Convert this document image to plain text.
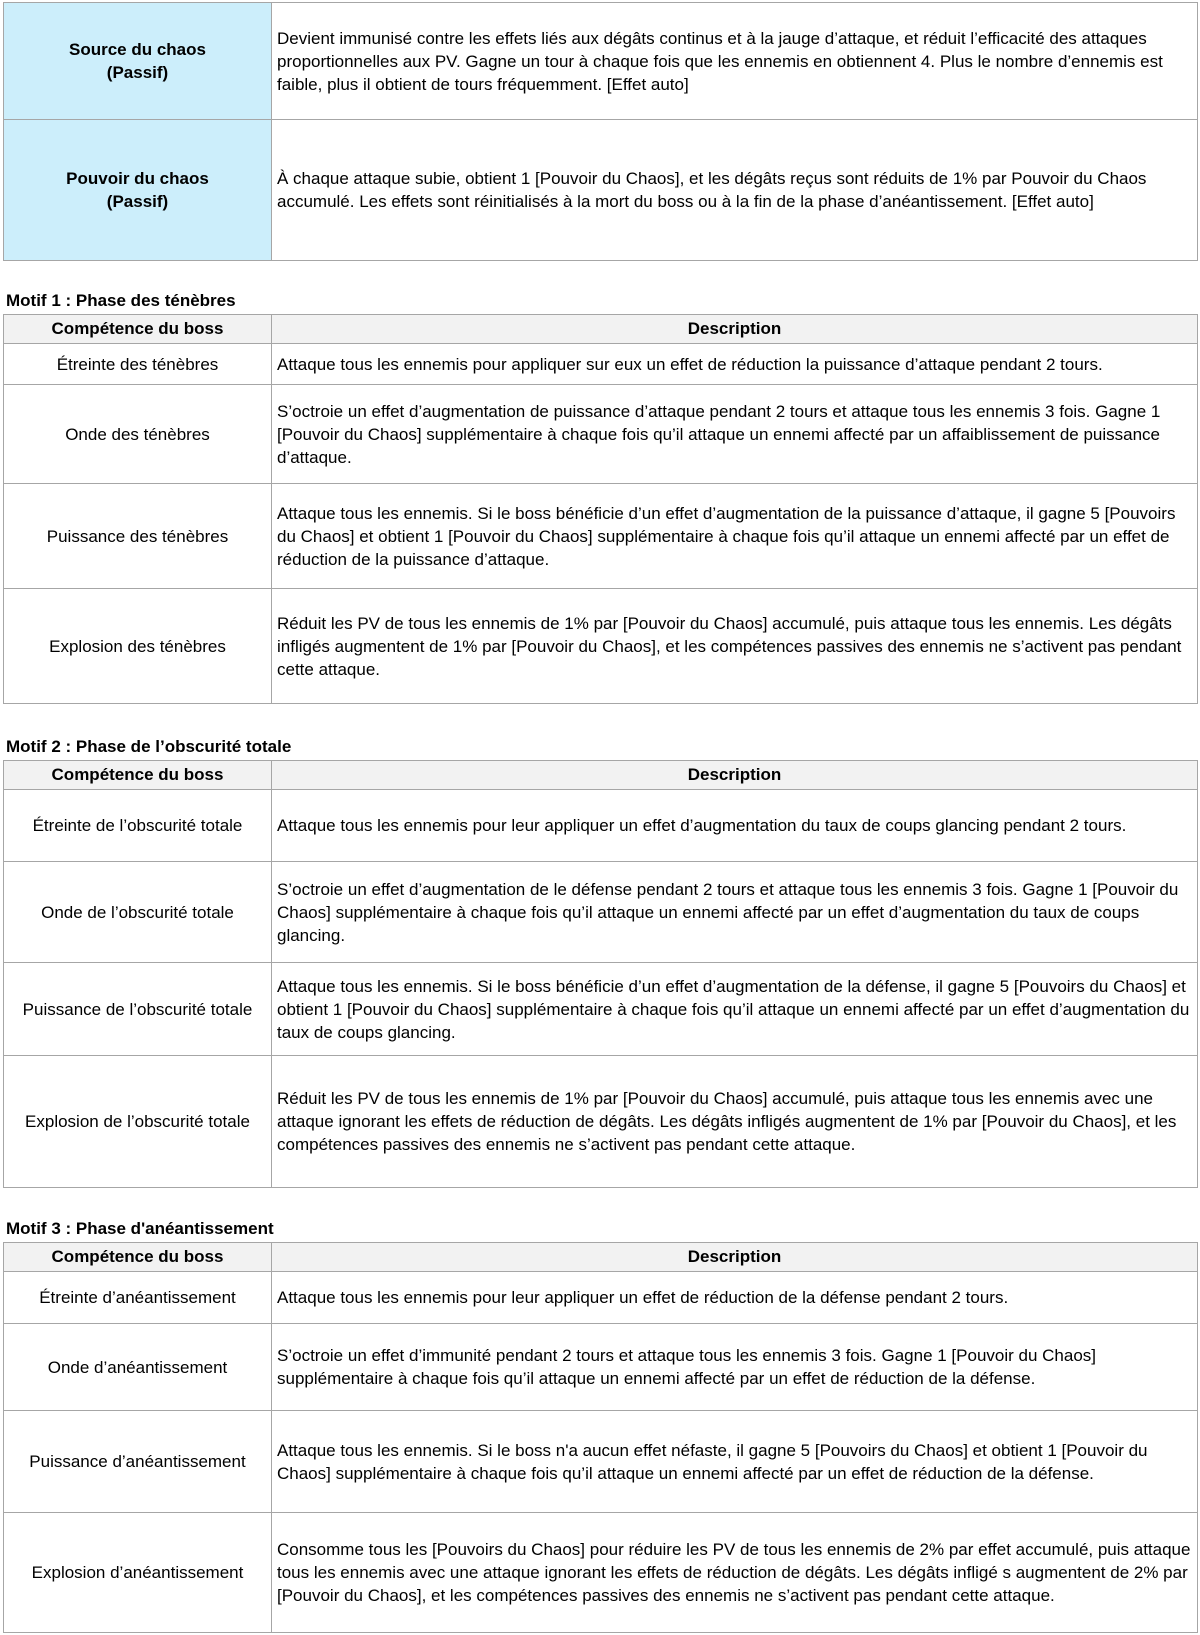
Source du chaos
(Passif)	Devient immunisé contre les effets liés aux dégâts continus et à la jauge d’attaque, et réduit l’efficacité des attaques proportionnelles aux PV. Gagne un tour à chaque fois que les ennemis en obtiennent 4. Plus le nombre d’ennemis est faible, plus il obtient de tours fréquemment. [Effet auto]

Pouvoir du chaos
(Passif)	À chaque attaque subie, obtient 1 [Pouvoir du Chaos], et les dégâts reçus sont réduits de 1% par Pouvoir du Chaos accumulé. Les effets sont réinitialisés à la mort du boss ou à la fin de la phase d’anéantissement. [Effet auto]
Motif 1 : Phase des ténèbres
Compétence du boss	Description
Étreinte des ténèbres	Attaque tous les ennemis pour appliquer sur eux un effet de réduction la puissance d’attaque pendant 2 tours.
Onde des ténèbres	S’octroie un effet d’augmentation de puissance d’attaque pendant 2 tours et attaque tous les ennemis 3 fois. Gagne 1 [Pouvoir du Chaos] supplémentaire à chaque fois qu’il attaque un ennemi affecté par un affaiblissement de puissance d’attaque.
Puissance des ténèbres	Attaque tous les ennemis. Si le boss bénéficie d’un effet d’augmentation de la puissance d’attaque, il gagne 5 [Pouvoirs du Chaos] et obtient 1 [Pouvoir du Chaos] supplémentaire à chaque fois qu’il attaque un ennemi affecté par un effet de réduction de la puissance d’attaque.
Explosion des ténèbres	Réduit les PV de tous les ennemis de 1% par [Pouvoir du Chaos] accumulé, puis attaque tous les ennemis. Les dégâts infligés augmentent de 1% par [Pouvoir du Chaos], et les compétences passives des ennemis ne s’activent pas pendant cette attaque.
Motif 2 : Phase de l’obscurité totale
Compétence du boss	Description
Étreinte de l’obscurité totale	Attaque tous les ennemis pour leur appliquer un effet d’augmentation du taux de coups glancing pendant 2 tours.
Onde de l’obscurité totale	S’octroie un effet d’augmentation de le défense pendant 2 tours et attaque tous les ennemis 3 fois. Gagne 1 [Pouvoir du Chaos] supplémentaire à chaque fois qu’il attaque un ennemi affecté par un effet d’augmentation du taux de coups glancing.
Puissance de l’obscurité totale	Attaque tous les ennemis. Si le boss bénéficie d’un effet d’augmentation de la défense, il gagne 5 [Pouvoirs du Chaos] et obtient 1 [Pouvoir du Chaos] supplémentaire à chaque fois qu’il attaque un ennemi affecté par un effet d’augmentation du taux de coups glancing.
Explosion de l’obscurité totale	Réduit les PV de tous les ennemis de 1% par [Pouvoir du Chaos] accumulé, puis attaque tous les ennemis avec une attaque ignorant les effets de réduction de dégâts. Les dégâts infligés augmentent de 1% par [Pouvoir du Chaos], et les compétences passives des ennemis ne s’activent pas pendant cette attaque.
Motif 3 : Phase d'anéantissement
Compétence du boss	Description
Étreinte d’anéantissement	Attaque tous les ennemis pour leur appliquer un effet de réduction de la défense pendant 2 tours.
Onde d’anéantissement	S’octroie un effet d’immunité pendant 2 tours et attaque tous les ennemis 3 fois. Gagne 1 [Pouvoir du Chaos] supplémentaire à chaque fois qu’il attaque un ennemi affecté par un effet de réduction de la défense.
Puissance d’anéantissement	Attaque tous les ennemis. Si le boss n'a aucun effet néfaste, il gagne 5 [Pouvoirs du Chaos] et obtient 1 [Pouvoir du Chaos] supplémentaire à chaque fois qu’il attaque un ennemi affecté par un effet de réduction de la défense.
Explosion d’anéantissement	Consomme tous les [Pouvoirs du Chaos] pour réduire les PV de tous les ennemis de 2% par effet accumulé, puis attaque tous les ennemis avec une attaque ignorant les effets de réduction de dégâts. Les dégâts infligé s augmentent de 2% par [Pouvoir du Chaos], et les compétences passives des ennemis ne s’activent pas pendant cette attaque.
